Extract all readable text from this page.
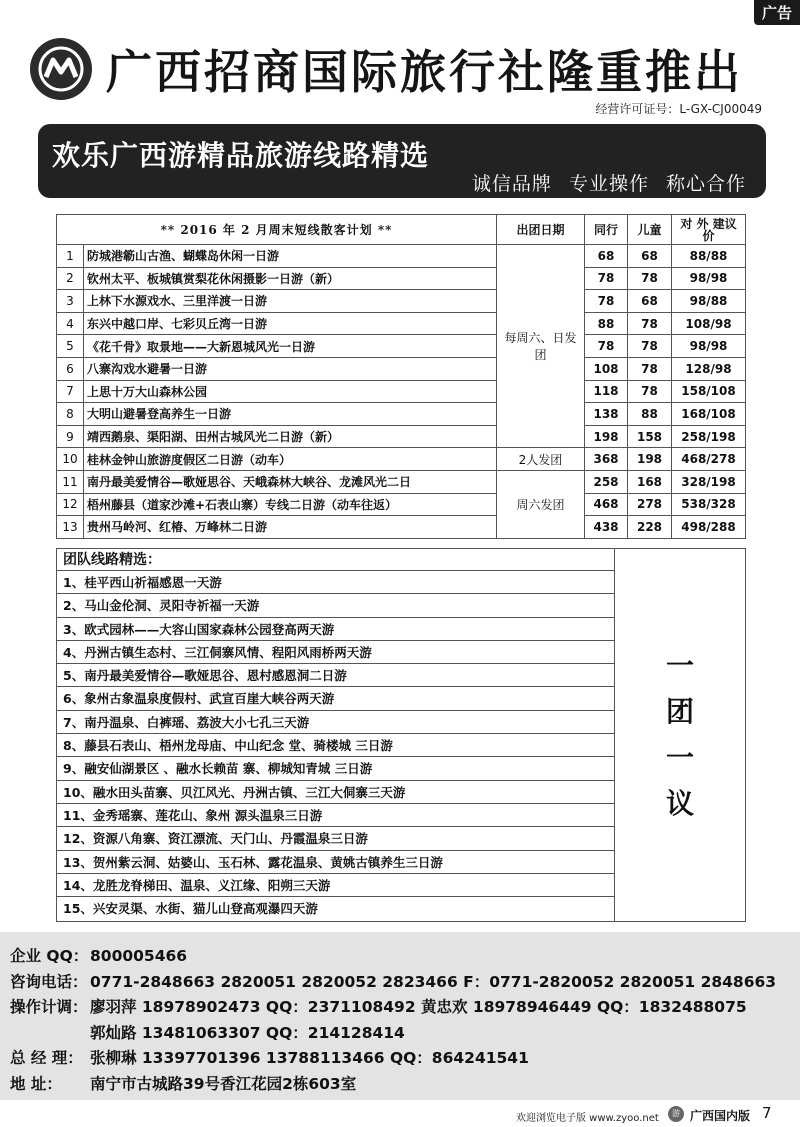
广告
广西招商国际旅行社隆重推出
经营许可证号：L-GX-CJ00049
欢乐广西游精品旅游线路精选
诚信品牌 专业操作 称心合作
** 2016 年 2 月周末短线散客计划 **		出团日期	同行	儿童	对 外 建议价
1	防城港簕山古渔、蝴蝶岛休闲一日游	每周六、日发团	68	68	88/88
2	钦州太平、板城镇赏梨花休闲摄影一日游（新）		78	78	98/98
3	上林下水源戏水、三里洋渡一日游		78	68	98/88
4	东兴中越口岸、七彩贝丘湾一日游		88	78	108/98
5	《花千骨》取景地——大新恩城风光一日游		78	78	98/98
6	八寨沟戏水避暑一日游		108	78	128/98
7	上思十万大山森林公园		118	78	158/108
8	大明山避暑登高养生一日游		138	88	168/108
9	靖西鹅泉、渠阳湖、田州古城风光二日游（新）		198	158	258/198
10	桂林金钟山旅游度假区二日游（动车）	2人发团	368	198	468/278
11	南丹最美爱情谷—歌娅思谷、天峨森林大峡谷、龙滩风光二日	周六发团	258	168	328/198
12	梧州藤县（道家沙滩+石表山寨）专线二日游（动车往返）		468	278	538/328
13	贵州马岭河、红椿、万峰林二日游		438	228	498/288
团队线路精选：
1、桂平西山祈福感恩一天游
2、马山金伦洞、灵阳寺祈福一天游
3、欧式园林——大容山国家森林公园登高两天游
4、丹洲古镇生态村、三江侗寨风情、程阳风雨桥两天游
5、南丹最美爱情谷—歌娅思谷、恩村感恩洞二日游
6、象州古象温泉度假村、武宣百崖大峡谷两天游
7、南丹温泉、白裤瑶、荔波大小七孔三天游
8、藤县石表山、梧州龙母庙、中山纪念 堂、骑楼城 三日游
9、融安仙湖景区 、融水长赖苗 寨、柳城知青城 三日游
10、融水田头苗寨、贝江风光、丹洲古镇、三江大侗寨三天游
11、金秀瑶寨、莲花山、象州 源头温泉三日游
12、资源八角寨、资江漂流、天门山、丹霞温泉三日游
13、贺州紫云洞、姑婆山、玉石林、露花温泉、黄姚古镇养生三日游
14、龙胜龙脊梯田、温泉、义江缘、阳朔三天游
15、兴安灵渠、水街、猫儿山登高观瀑四天游
一
团
一
议
企业 QQ： 800005466
咨询电话： 0771-2848663 2820051 2820052 2823466 F：0771-2820052 2820051 2848663
操作计调： 廖羽萍 18978902473 QQ：2371108492 黄忠欢 18978946449 QQ：1832488075
郭灿路 13481063307 QQ：214128414
总 经 理： 张柳琳 13397701396 13788113466 QQ：864241541
地 址： 南宁市古城路39号香江花园2栋603室
欢迎浏览电子版 www.zyoo.net	游 广西国内版 7
